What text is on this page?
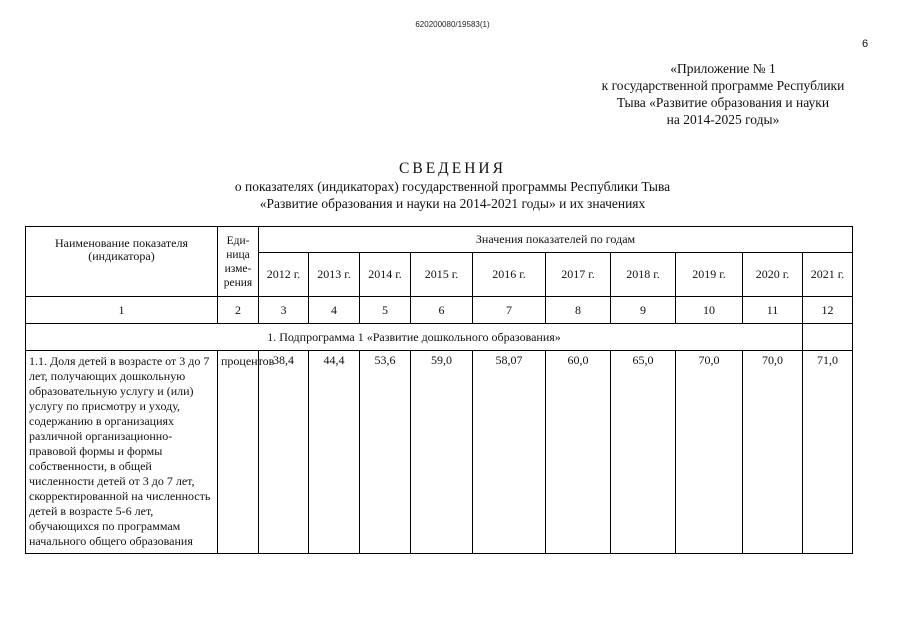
620200080/19583(1)
6
«Приложение № 1
к государственной программе Республики
Тыва «Развитие образования и науки
на 2014-2025 годы»
СВЕДЕНИЯ
о показателях (индикаторах) государственной программы Республики Тыва
«Развитие образования и науки на 2014-2021 годы» и их значениях
Наименование показателя (индикатора)	Еди-ница изме-рения	Значения показателей по годам									
		2012 г.	2013 г.	2014 г.	2015 г.	2016 г.	2017 г.	2018 г.	2019 г.	2020 г.	2021 г.
1	2	3	4	5	6	7	8	9	10	11	12
1. Подпрограмма 1 «Развитие дошкольного образования»											
1.1. Доля детей в возрасте от 3 до 7 лет, получающих дошкольную образовательную услугу и (или) услугу по присмотру и уходу, содержанию в организациях различной организационно-правовой формы и формы собственности, в общей численности детей от 3 до 7 лет, скорректированной на численность детей в возрасте 5-6 лет, обучающихся по программам начального общего образования	процентов	38,4	44,4	53,6	59,0	58,07	60,0	65,0	70,0	70,0	71,0
